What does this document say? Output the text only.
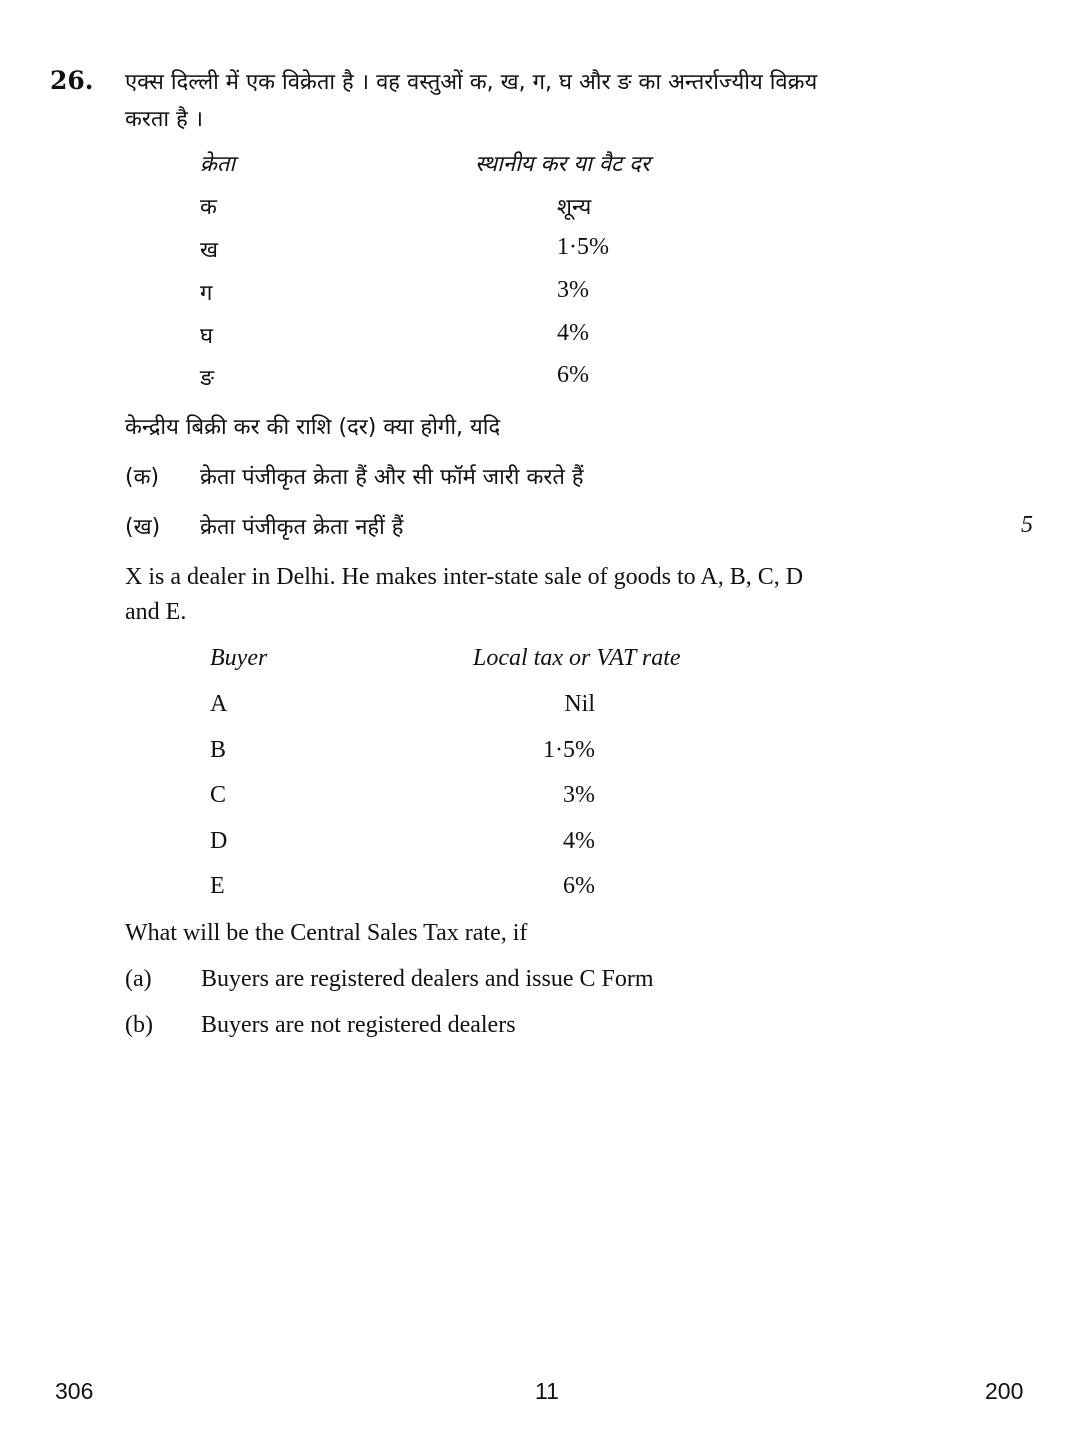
26. एक्स दिल्ली में एक विक्रेता है । वह वस्तुओं क, ख, ग, घ और ङ का अन्तर्राज्यीय विक्रय
करता है ।
क्रेता	स्थानीय कर या वैट दर
क	शून्य
ख	1·5%
ग	3%
घ	4%
ङ	6%
केन्द्रीय बिक्री कर की राशि (दर) क्या होगी, यदि
(क) क्रेता पंजीकृत क्रेता हैं और सी फॉर्म जारी करते हैं
(ख) क्रेता पंजीकृत क्रेता नहीं हैं	5
X is a dealer in Delhi. He makes inter-state sale of goods to A, B, C, D
and E.
Buyer	Local tax or VAT rate
A	Nil
B	1·5%
C	3%
D	4%
E	6%
What will be the Central Sales Tax rate, if
(a) Buyers are registered dealers and issue C Form
(b) Buyers are not registered dealers
306	11	200
